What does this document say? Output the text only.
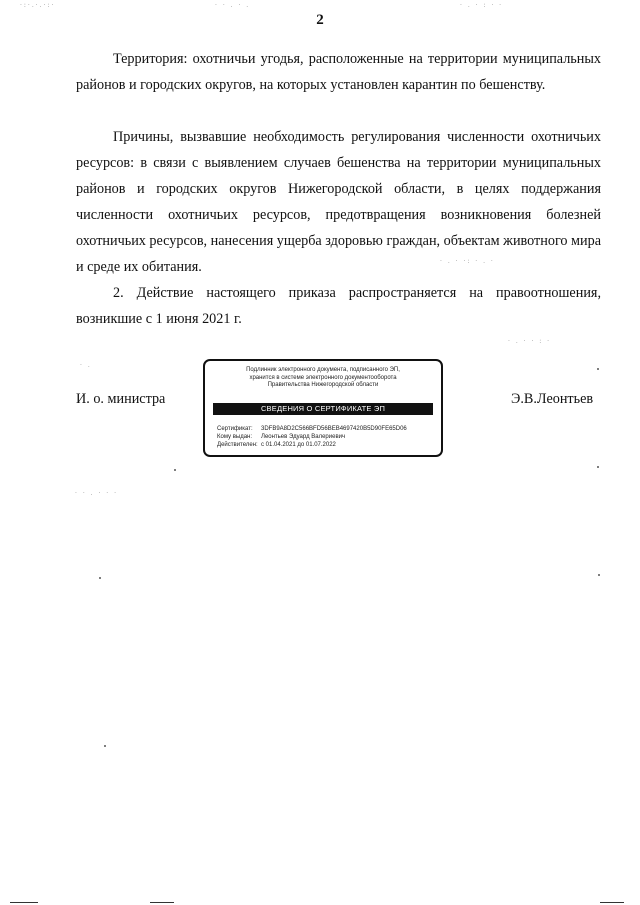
2

Территория: охотничьи угодья, расположенные на территории муниципальных районов и городских округов, на которых установлен карантин по бешенству.

Причины, вызвавшие необходимость регулирования численности охотничьих ресурсов: в связи с выявлением случаев бешенства на территории муниципальных районов и городских округов Нижегородской области, в целях поддержания численности охотничьих ресурсов, предотвращения возникновения болезней охотничьих ресурсов, нанесения ущерба здоровью граждан, объектам животного мира и среде их обитания.

2. Действие настоящего приказа распространяется на правоотношения, возникшие с 1 июня 2021 г.

И. о. министра	Э.В.Леонтьев
Подлинник электронного документа, подписанного ЭП,
хранится в системе электронного документооборота
Правительства Нижегородской области
СВЕДЕНИЯ О СЕРТИФИКАТЕ ЭП
Сертификат: 3DFB9A8D2C566BFD56BEB4697420B5D90FE65D06
Кому выдан: Леонтьев Эдуард Валериевич
Действителен: с 01.04.2021 до 01.07.2022
·:·.·.·:·	· · . · .	· . · : · ·
· . · ·: · . ·
· . · · : ·
· .
· · . · · ·
